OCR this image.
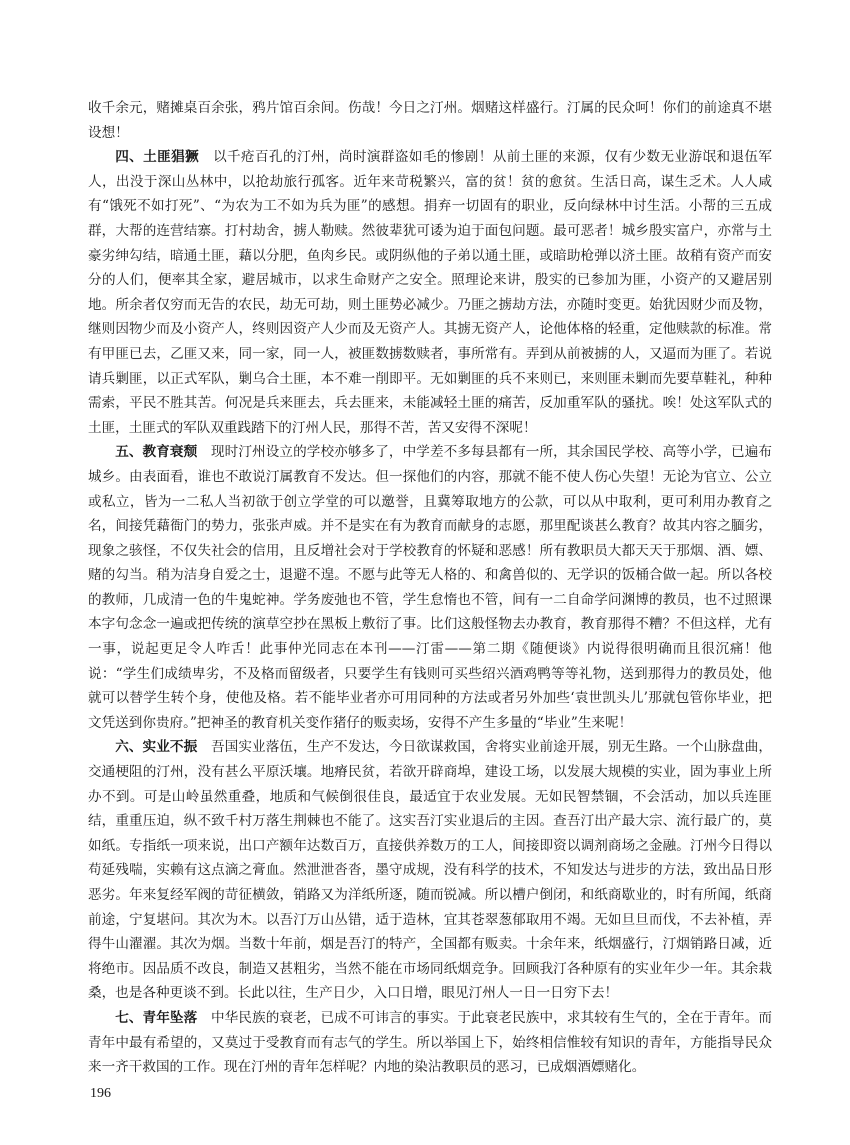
收千余元，赌摊桌百余张，鸦片馆百余间。伤哉！今日之汀州。烟赌这样盛行。汀属的民众呵！你们的前途真不堪设想！

四、土匪猖獗　 以千疮百孔的汀州，尚时演群盗如毛的惨剧！从前土匪的来源，仅有少数无业游氓和退伍军人，出没于深山丛林中，以抢劫旅行孤客。近年来苛税繁兴，富的贫！贫的愈贫。生活日高，谋生乏术。人人咸有“饿死不如打死”、“为农为工不如为兵为匪”的感想。捐弃一切固有的职业，反向绿林中讨生活。小帮的三五成群，大帮的连营结寨。打村劫舍，掳人勒赎。然彼辈犹可诿为迫于面包问题。最可恶者！城乡殷实富户，亦常与土豪劣绅勾结，暗通土匪，藉以分肥，鱼肉乡民。或阴纵他的子弟以通土匪，或暗助枪弹以济土匪。故稍有资产而安分的人们，便率其全家，避居城市，以求生命财产之安全。照理论来讲，殷实的已参加为匪，小资产的又避居别地。所余者仅穷而无告的农民，劫无可劫，则土匪势必减少。乃匪之掳劫方法，亦随时变更。始犹因财少而及物，继则因物少而及小资产人，终则因资产人少而及无资产人。其掳无资产人，论他体格的轻重，定他赎款的标准。常有甲匪已去，乙匪又来，同一家，同一人，被匪数掳数赎者，事所常有。弄到从前被掳的人，又逼而为匪了。若说请兵剿匪，以正式军队，剿乌合土匪，本不难一削即平。无如剿匪的兵不来则已，来则匪未剿而先要草鞋礼，种种需索，平民不胜其苦。何况是兵来匪去，兵去匪来，未能减轻土匪的痛苦，反加重军队的骚扰。唉！处这军队式的土匪，土匪式的军队双重践踏下的汀州人民，那得不苦，苦又安得不深呢！

五、教育衰颓　 现时汀州设立的学校亦够多了，中学差不多每县都有一所，其余国民学校、高等小学，已遍布城乡。由表面看，谁也不敢说汀属教育不发达。但一探他们的内容，那就不能不使人伤心失望！无论为官立、公立或私立，皆为一二私人当初欲于创立学堂的可以邀誉，且冀筹取地方的公款，可以从中取利，更可利用办教育之名，间接凭藉衙门的势力，张张声威。并不是实在有为教育而献身的志愿，那里配谈甚么教育？故其内容之腼劣，现象之骇怪，不仅失社会的信用，且反增社会对于学校教育的怀疑和恶感！所有教职员大都天天于那烟、酒、嫖、赌的勾当。稍为洁身自爱之士，退避不遑。不愿与此等无人格的、和禽兽似的、无学识的饭桶合做一起。所以各校的教师，几成清一色的牛鬼蛇神。学务废弛也不管，学生怠惰也不管，间有一二自命学问渊博的教员，也不过照课本字句念念一遍或把传统的演草空抄在黑板上敷衍了事。比们这般怪物去办教育，教育那得不糟？不但这样，尤有一事，说起更足令人咋舌！此事仲光同志在本刊——汀雷——第二期《随便谈》内说得很明确而且很沉痛！他说：“学生们成绩卑劣，不及格而留级者，只要学生有钱则可买些绍兴酒鸡鸭等等礼物，送到那得力的教员处，他就可以替学生转个身，使他及格。若不能毕业者亦可用同种的方法或者另外加些‘袁世凯头儿’那就包管你毕业，把文凭送到你贵府。”把神圣的教育机关变作猪仔的贩卖场，安得不产生多量的“毕业”生来呢！

六、实业不振　 吾国实业落伍，生产不发达，今日欲谋救国，舍将实业前途开展，别无生路。一个山脉盘曲，交通梗阻的汀州，没有甚么平原沃壤。地瘠民贫，若欲开辟商埠，建设工场，以发展大规模的实业，固为事业上所办不到。可是山岭虽然重叠，地质和气候倒很佳良，最适宜于农业发展。无如民智禁锢，不会活动，加以兵连匪结，重重压迫，纵不致千村万落生荆棘也不能了。这实吾汀实业退后的主因。查吾汀出产最大宗、流行最广的，莫如纸。专指纸一项来说，出口产额年达数百万，直接供养数万的工人，间接即资以调剂商场之金融。汀州今日得以苟延残喘，实赖有这点滴之膏血。然泄泄沓沓，墨守成规，没有科学的技术，不知发达与进步的方法，致出品日形恶劣。年来复经军阀的苛征横敛，销路又为洋纸所逐，随而锐减。所以槽户倒闭，和纸商歇业的，时有所闻，纸商前途，宁复堪问。其次为木。以吾汀万山丛错，适于造林，宜其苍翠葱郁取用不竭。无如旦旦而伐，不去补植，弄得牛山濯濯。其次为烟。当数十年前，烟是吾汀的特产，全国都有贩卖。十余年来，纸烟盛行，汀烟销路日减，近将绝市。因品质不改良，制造又甚粗劣，当然不能在市场同纸烟竞争。回顾我汀各种原有的实业年少一年。其余栽桑，也是各种更谈不到。长此以往，生产日少，入口日增，眼见汀州人一日一日穷下去！

七、青年坠落　 中华民族的衰老，已成不可讳言的事实。于此衰老民族中，求其较有生气的，全在于青年。而青年中最有希望的，又莫过于受教育而有志气的学生。所以举国上下，始终相信惟较有知识的青年，方能指导民众来一齐干救国的工作。现在汀州的青年怎样呢？内地的染沾教职员的恶习，已成烟酒嫖赌化。

196
